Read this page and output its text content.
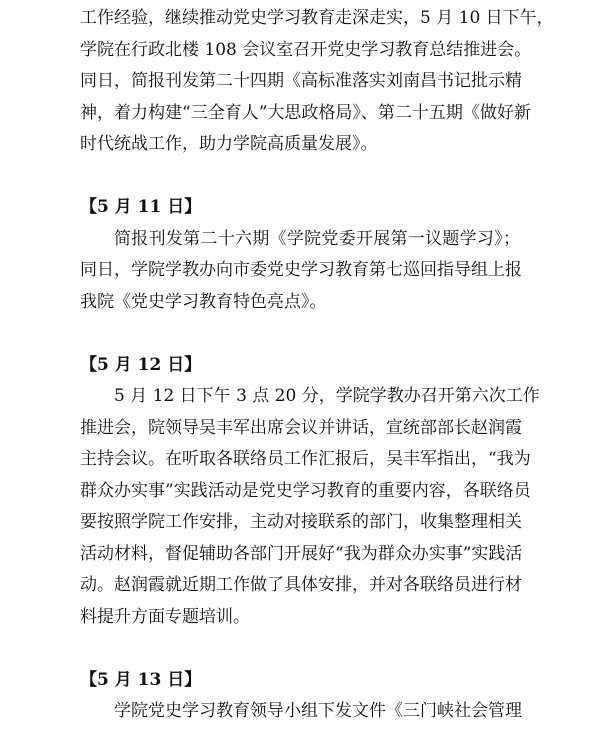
工作经验，继续推动党史学习教育走深走实，5 月 10 日下午，
学院在行政北楼 108 会议室召开党史学习教育总结推进会。
同日，简报刊发第二十四期《高标准落实刘南昌书记批示精
神，着力构建“三全育人”大思政格局》、第二十五期《做好新
时代统战工作，助力学院高质量发展》。
【5 月 11 日】
简报刊发第二十六期《学院党委开展第一议题学习》；
同日，学院学教办向市委党史学习教育第七巡回指导组上报
我院《党史学习教育特色亮点》。
【5 月 12 日】
5 月 12 日下午 3 点 20 分，学院学教办召开第六次工作
推进会，院领导吴丰军出席会议并讲话，宣统部部长赵润霞
主持会议。在听取各联络员工作汇报后，吴丰军指出，“我为
群众办实事”实践活动是党史学习教育的重要内容，各联络员
要按照学院工作安排，主动对接联系的部门，收集整理相关
活动材料，督促辅助各部门开展好“我为群众办实事”实践活
动。赵润霞就近期工作做了具体安排，并对各联络员进行材
料提升方面专题培训。
【5 月 13 日】
学院党史学习教育领导小组下发文件《三门峡社会管理
